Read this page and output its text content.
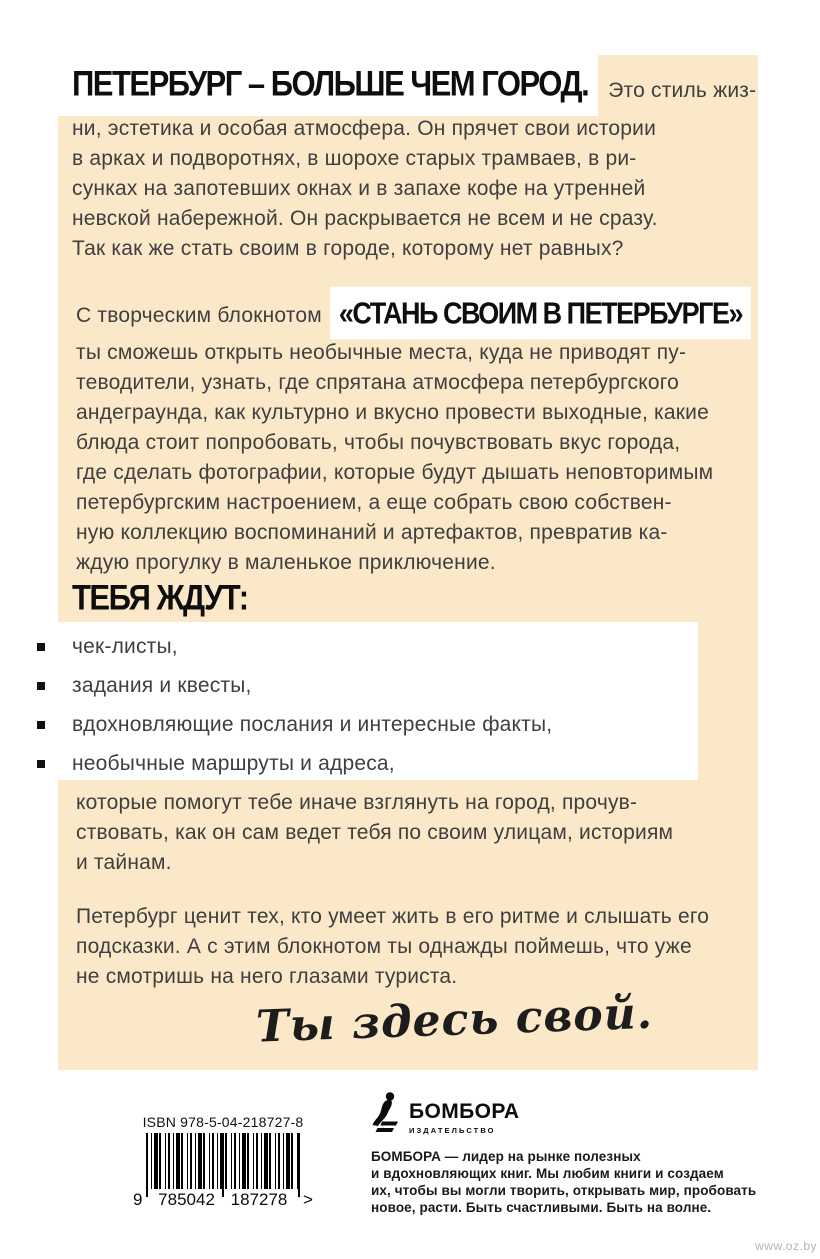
ПЕТЕРБУРГ – БОЛЬШЕ ЧЕМ ГОРОД. Это стиль жиз-
ни, эстетика и особая атмосфера. Он прячет свои истории
в арках и подворотнях, в шорохе старых трамваев, в ри-
сунках на запотевших окнах и в запахе кофе на утренней
невской набережной. Он раскрывается не всем и не сразу.
Так как же стать своим в городе, которому нет равных?
С творческим блокнотом «СТАНЬ СВОИМ В ПЕТЕРБУРГЕ»
ты сможешь открыть необычные места, куда не приводят пу-
теводители, узнать, где спрятана атмосфера петербургского
андеграунда, как культурно и вкусно провести выходные, какие
блюда стоит попробовать, чтобы почувствовать вкус города,
где сделать фотографии, которые будут дышать неповторимым
петербургским настроением, а еще собрать свою собствен-
ную коллекцию воспоминаний и артефактов, превратив ка-
ждую прогулку в маленькое приключение.
ТЕБЯ ЖДУТ:
чек-листы,
задания и квесты,
вдохновляющие послания и интересные факты,
необычные маршруты и адреса,
которые помогут тебе иначе взглянуть на город, прочув-
ствовать, как он сам ведет тебя по своим улицам, историям
и тайнам.
Петербург ценит тех, кто умеет жить в его ритме и слышать его
подсказки. А с этим блокнотом ты однажды поймешь, что уже
не смотришь на него глазами туриста.
Ты здесь свой.
ISBN 978-5-04-218727-8
9 785042 187278 >
БОМБОРА
ИЗДАТЕЛЬСТВО
БОМБОРА — лидер на рынке полезных
и вдохновляющих книг. Мы любим книги и создаем
их, чтобы вы могли творить, открывать мир, пробовать
новое, расти. Быть счастливыми. Быть на волне.
www.oz.by
